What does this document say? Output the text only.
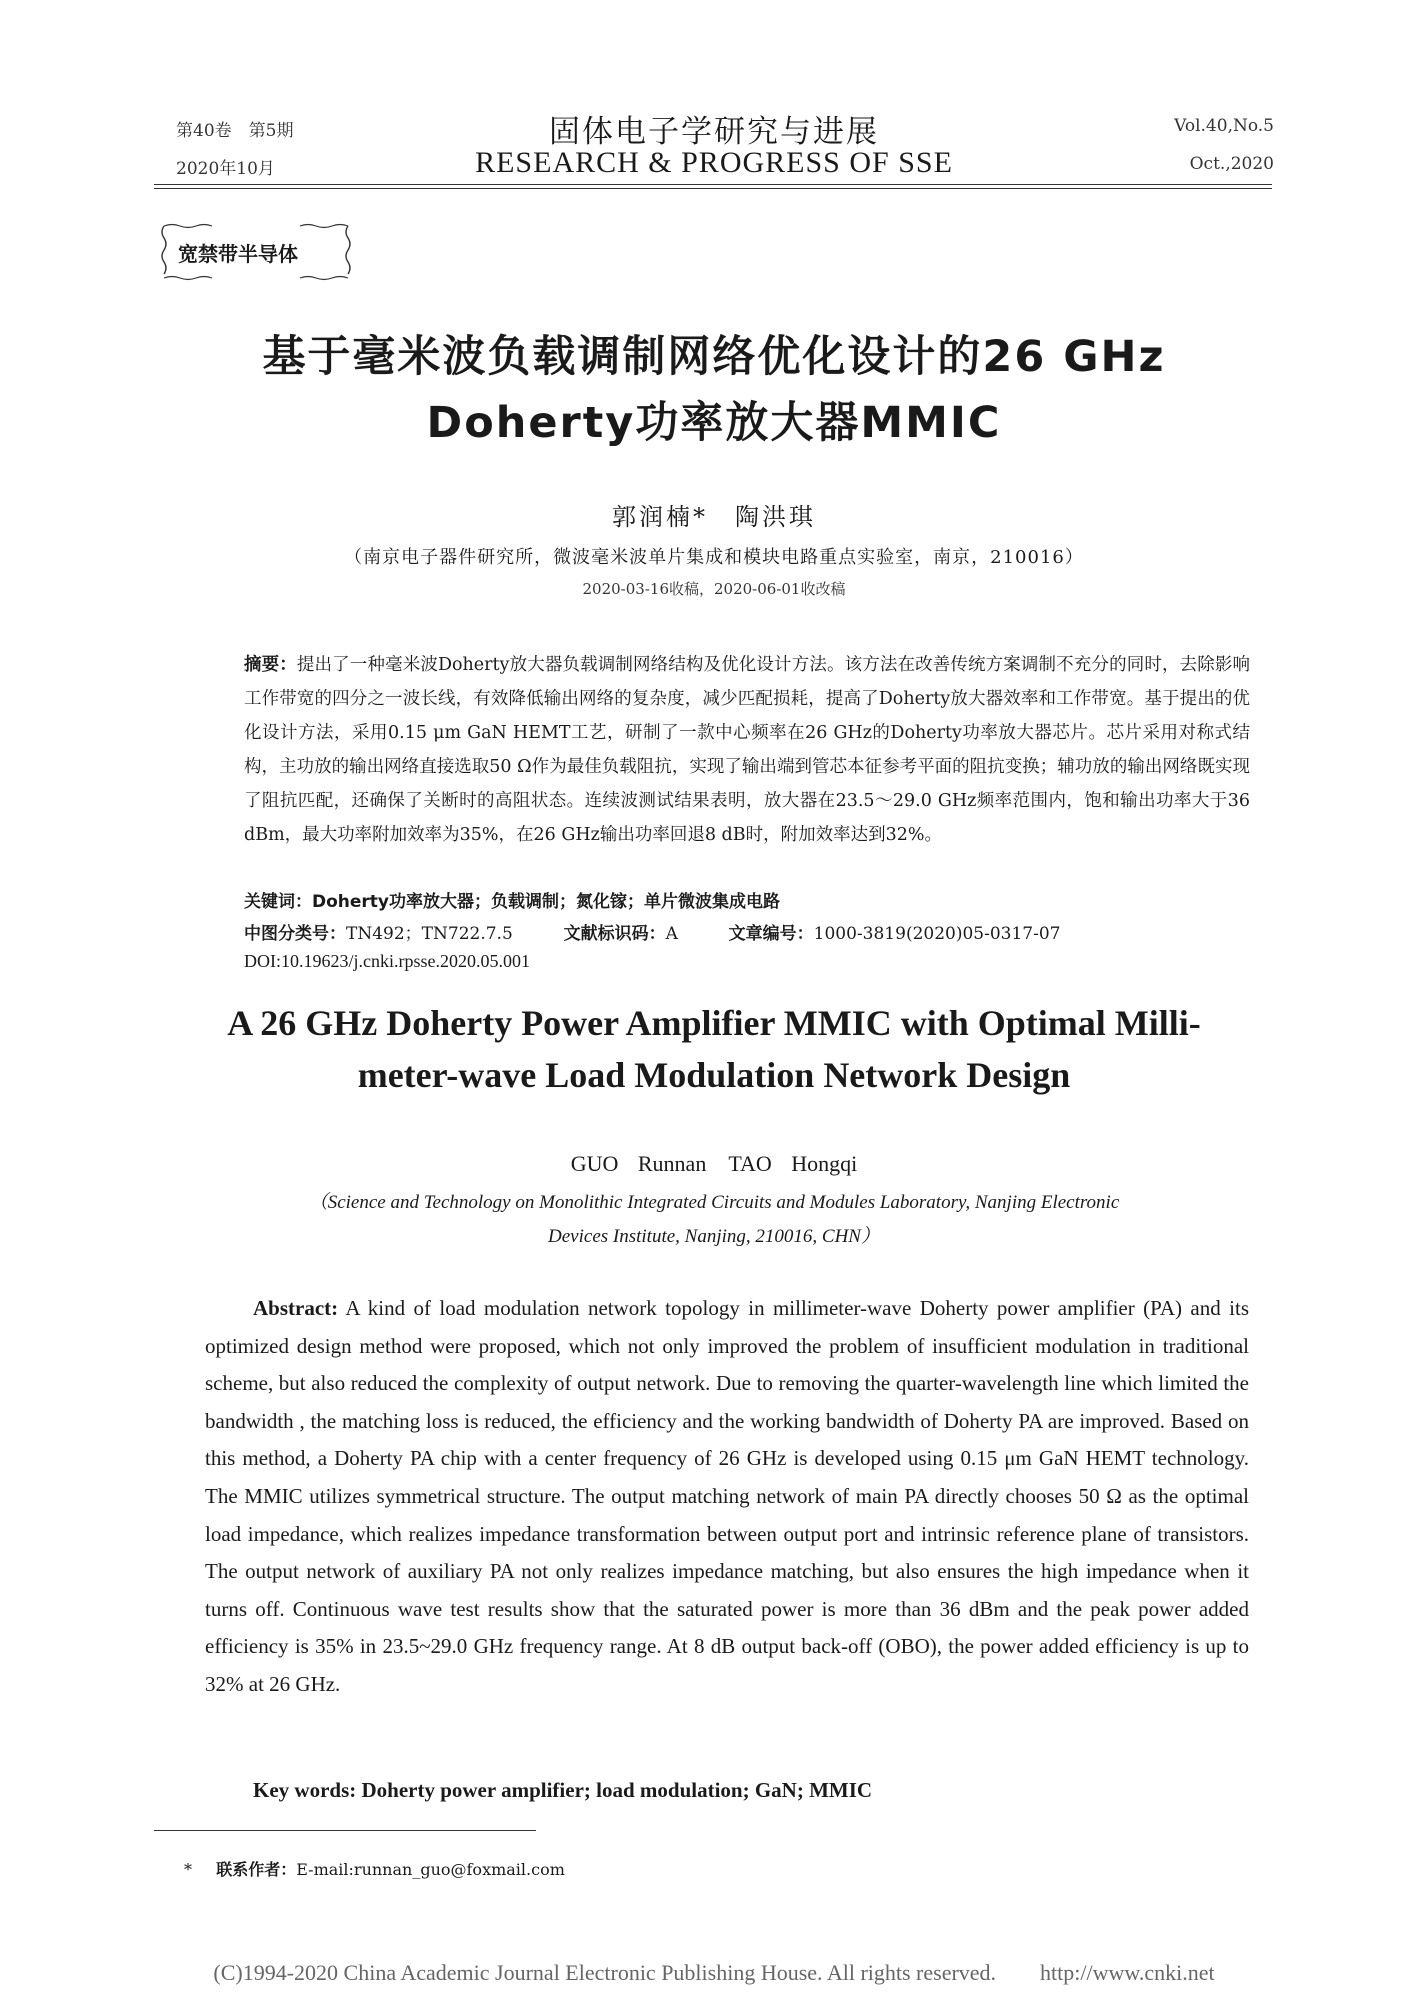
第40卷　第5期
2020年10月
固体电子学研究与进展
RESEARCH & PROGRESS OF SSE
Vol.40,No.5
Oct.,2020
宽禁带半导体
基于毫米波负载调制网络优化设计的26 GHz
Doherty功率放大器MMIC
郭润楠*　陶洪琪
（南京电子器件研究所，微波毫米波单片集成和模块电路重点实验室，南京，210016）
2020-03-16收稿，2020-06-01收改稿
摘要：提出了一种毫米波Doherty放大器负载调制网络结构及优化设计方法。该方法在改善传统方案调制不充分的同时，去除影响工作带宽的四分之一波长线，有效降低输出网络的复杂度，减少匹配损耗，提高了Doherty放大器效率和工作带宽。基于提出的优化设计方法，采用0.15 μm GaN HEMT工艺，研制了一款中心频率在26 GHz的Doherty功率放大器芯片。芯片采用对称式结构，主功放的输出网络直接选取50 Ω作为最佳负载阻抗，实现了输出端到管芯本征参考平面的阻抗变换；辅功放的输出网络既实现了阻抗匹配，还确保了关断时的高阻状态。连续波测试结果表明，放大器在23.5～29.0 GHz频率范围内，饱和输出功率大于36 dBm，最大功率附加效率为35%，在26 GHz输出功率回退8 dB时，附加效率达到32%。
关键词：Doherty功率放大器；负载调制；氮化镓；单片微波集成电路
中图分类号：TN492；TN722.7.5	文献标识码：A	文章编号：1000-3819(2020)05-0317-07
DOI:10.19623/j.cnki.rpsse.2020.05.001
A 26 GHz Doherty Power Amplifier MMIC with Optimal Milli-
meter-wave Load Modulation Network Design
GUO Runnan　TAO Hongqi
（Science and Technology on Monolithic Integrated Circuits and Modules Laboratory, Nanjing Electronic
Devices Institute, Nanjing, 210016, CHN）
Abstract: A kind of load modulation network topology in millimeter-wave Doherty power amplifier (PA) and its optimized design method were proposed, which not only improved the problem of insufficient modulation in traditional scheme, but also reduced the complexity of output network. Due to removing the quarter-wavelength line which limited the bandwidth , the matching loss is reduced, the efficiency and the working bandwidth of Doherty PA are improved. Based on this method, a Doherty PA chip with a center frequency of 26 GHz is developed using 0.15 μm GaN HEMT technology. The MMIC utilizes symmetrical structure. The output matching network of main PA directly chooses 50 Ω as the optimal load impedance, which realizes impedance transformation between output port and intrinsic reference plane of transistors. The output network of auxiliary PA not only realizes impedance matching, but also ensures the high impedance when it turns off. Continuous wave test results show that the saturated power is more than 36 dBm and the peak power added efficiency is 35% in 23.5~29.0 GHz frequency range. At 8 dB output back-off (OBO), the power added efficiency is up to 32% at 26 GHz.
Key words: Doherty power amplifier; load modulation; GaN; MMIC
* 联系作者：E-mail:runnan_guo@foxmail.com
(C)1994-2020 China Academic Journal Electronic Publishing House. All rights reserved.　　http://www.cnki.net
